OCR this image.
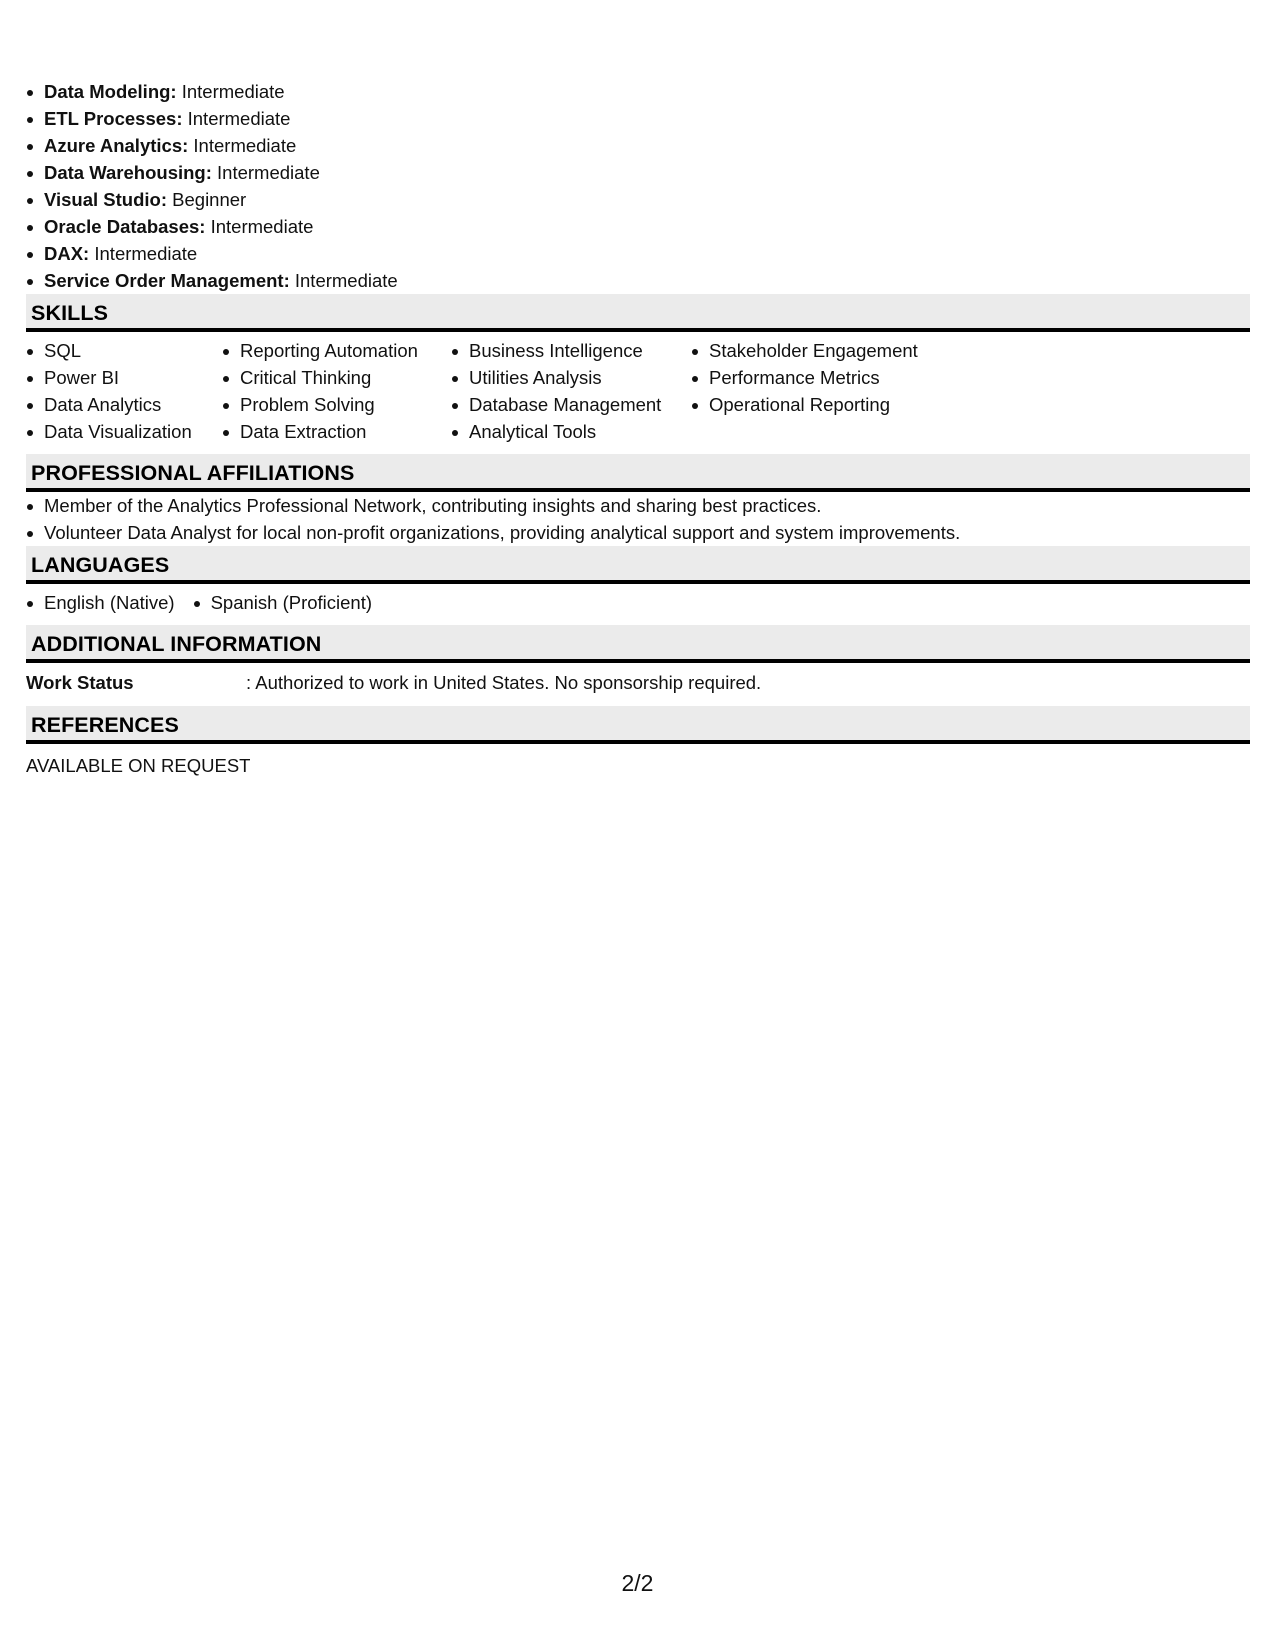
Data Modeling: Intermediate
ETL Processes: Intermediate
Azure Analytics: Intermediate
Data Warehousing: Intermediate
Visual Studio: Beginner
Oracle Databases: Intermediate
DAX: Intermediate
Service Order Management: Intermediate
SKILLS
SQL
Power BI
Data Analytics
Data Visualization
Reporting Automation
Critical Thinking
Problem Solving
Data Extraction
Business Intelligence
Utilities Analysis
Database Management
Analytical Tools
Stakeholder Engagement
Performance Metrics
Operational Reporting
PROFESSIONAL AFFILIATIONS
Member of the Analytics Professional Network, contributing insights and sharing best practices.
Volunteer Data Analyst for local non-profit organizations, providing analytical support and system improvements.
LANGUAGES
English (Native)	Spanish (Proficient)
ADDITIONAL INFORMATION
Work Status	: Authorized to work in United States. No sponsorship required.
REFERENCES
AVAILABLE ON REQUEST
2/2
